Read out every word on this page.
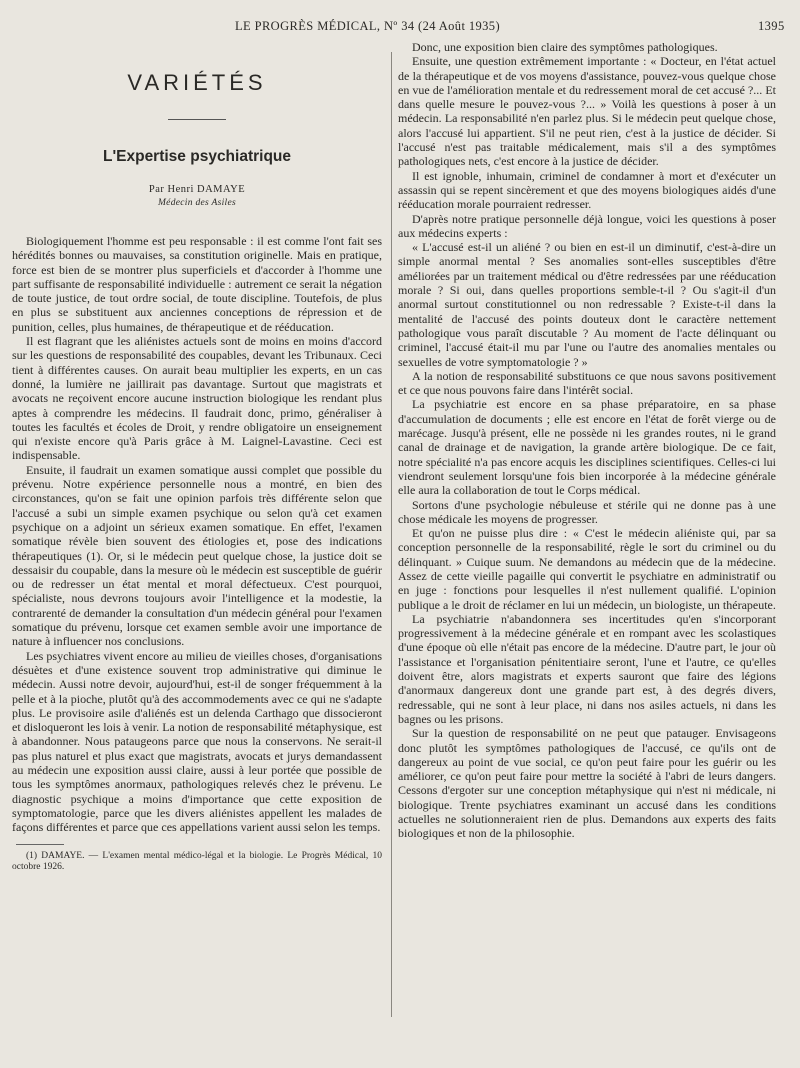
LE PROGRÈS MÉDICAL, Nº 34 (24 Août 1935)	1395
VARIÉTÉS
L'Expertise psychiatrique
Par Henri DAMAYE
Médecin des Asiles

Biologiquement l'homme est peu responsable : il est comme l'ont fait ses hérédités bonnes ou mauvaises, sa constitution originelle. Mais en pratique, force est bien de se montrer plus superficiels et d'accorder à l'homme une part suffisante de responsabilité individuelle : autrement ce serait la négation de toute justice, de tout ordre social, de toute discipline. Toutefois, de plus en plus se substituent aux anciennes conceptions de répression et de punition, celles, plus humaines, de thérapeutique et de rééducation.

Il est flagrant que les aliénistes actuels sont de moins en moins d'accord sur les questions de responsabilité des coupables, devant les Tribunaux. Ceci tient à différentes causes. On aurait beau multiplier les experts, en un cas donné, la lumière ne jaillirait pas davantage. Surtout que magistrats et avocats ne reçoivent encore aucune instruction biologique les rendant plus aptes à comprendre les médecins. Il faudrait donc, primo, généraliser à toutes les facultés et écoles de Droit, y rendre obligatoire un enseignement qui n'existe encore qu'à Paris grâce à M. Laignel-Lavastine. Ceci est indispensable.

Ensuite, il faudrait un examen somatique aussi complet que possible du prévenu. Notre expérience personnelle nous a montré, en bien des circonstances, qu'on se fait une opinion parfois très différente selon que l'accusé a subi un simple examen psychique ou selon qu'à cet examen psychique on a adjoint un sérieux examen somatique. En effet, l'examen somatique révèle bien souvent des étiologies et, pose des indications thérapeutiques (1). Or, si le médecin peut quelque chose, la justice doit se dessaisir du coupable, dans la mesure où le médecin est susceptible de guérir ou de redresser un état mental et moral défectueux. C'est pourquoi, spécialiste, nous devrons toujours avoir l'intelligence et la modestie, la contrarenté de demander la consultation d'un médecin général pour l'examen somatique du prévenu, lorsque cet examen semble avoir une importance de nature à influencer nos conclusions.

Les psychiatres vivent encore au milieu de vieilles choses, d'organisations désuètes et d'une existence souvent trop administrative qui diminue le médecin. Aussi notre devoir, aujourd'hui, est-il de songer fréquemment à la pelle et à la pioche, plutôt qu'à des accommodements avec ce qui ne s'adapte plus. Le provisoire asile d'aliénés est un delenda Carthago que dissocieront et disloqueront les lois à venir. La notion de responsabilité métaphysique, est à abandonner. Nous pataugeons parce que nous la conservons. Ne serait-il pas plus naturel et plus exact que magistrats, avocats et jurys demandassent au médecin une exposition aussi claire, aussi à leur portée que possible de tous les symptômes anormaux, pathologiques relevés chez le prévenu. Le diagnostic psychique a moins d'importance que cette exposition de symptomatologie, parce que les divers aliénistes appellent les malades de façons différentes et parce que ces appellations varient aussi selon les temps.

(1) DAMAYE. — L'examen mental médico-légal et la biologie. Le Progrès Médical, 10 octobre 1926.

Donc, une exposition bien claire des symptômes pathologiques.

Ensuite, une question extrêmement importante : « Docteur, en l'état actuel de la thérapeutique et de vos moyens d'assistance, pouvez-vous quelque chose en vue de l'amélioration mentale et du redressement moral de cet accusé ?... Et dans quelle mesure le pouvez-vous ?... » Voilà les questions à poser à un médecin. La responsabilité n'en parlez plus. Si le médecin peut quelque chose, alors l'accusé lui appartient. S'il ne peut rien, c'est à la justice de décider. Si l'accusé n'est pas traitable médicalement, mais s'il a des symptômes pathologiques nets, c'est encore à la justice de décider.

Il est ignoble, inhumain, criminel de condamner à mort et d'exécuter un assassin qui se repent sincèrement et que des moyens biologiques aidés d'une rééducation morale pourraient redresser.

D'après notre pratique personnelle déjà longue, voici les questions à poser aux médecins experts :

« L'accusé est-il un aliéné ? ou bien en est-il un diminutif, c'est-à-dire un simple anormal mental ? Ses anomalies sont-elles susceptibles d'être améliorées par un traitement médical ou d'être redressées par une rééducation morale ? Si oui, dans quelles proportions semble-t-il ? Ou s'agit-il d'un anormal surtout constitutionnel ou non redressable ? Existe-t-il dans la mentalité de l'accusé des points douteux dont le caractère nettement pathologique vous paraît discutable ? Au moment de l'acte délinquant ou criminel, l'accusé était-il mu par l'une ou l'autre des anomalies mentales ou sexuelles de votre symptomatologie ? »

A la notion de responsabilité substituons ce que nous savons positivement et ce que nous pouvons faire dans l'intérêt social.

La psychiatrie est encore en sa phase préparatoire, en sa phase d'accumulation de documents ; elle est encore en l'état de forêt vierge ou de marécage. Jusqu'à présent, elle ne possède ni les grandes routes, ni le grand canal de drainage et de navigation, la grande artère biologique. De ce fait, notre spécialité n'a pas encore acquis les disciplines scientifiques. Celles-ci lui viendront seulement lorsqu'une fois bien incorporée à la médecine générale elle aura la collaboration de tout le Corps médical.

Sortons d'une psychologie nébuleuse et stérile qui ne donne pas à une chose médicale les moyens de progresser.

Et qu'on ne puisse plus dire : « C'est le médecin aliéniste qui, par sa conception personnelle de la responsabilité, règle le sort du criminel ou du délinquant. » Cuique suum. Ne demandons au médecin que de la médecine. Assez de cette vieille pagaille qui convertit le psychiatre en administratif ou en juge : fonctions pour lesquelles il n'est nullement qualifié. L'opinion publique a le droit de réclamer en lui un médecin, un biologiste, un thérapeute.

La psychiatrie n'abandonnera ses incertitudes qu'en s'incorporant progressivement à la médecine générale et en rompant avec les scolastiques d'une époque où elle n'était pas encore de la médecine. D'autre part, le jour où l'assistance et l'organisation pénitentiaire seront, l'une et l'autre, ce qu'elles doivent être, alors magistrats et experts sauront que faire des légions d'anormaux dangereux dont une grande part est, à des degrés divers, redressable, qui ne sont à leur place, ni dans nos asiles actuels, ni dans les bagnes ou les prisons.

Sur la question de responsabilité on ne peut que patauger. Envisageons donc plutôt les symptômes pathologiques de l'accusé, ce qu'ils ont de dangereux au point de vue social, ce qu'on peut faire pour les guérir ou les améliorer, ce qu'on peut faire pour mettre la société à l'abri de leurs dangers. Cessons d'ergoter sur une conception métaphysique qui n'est ni médicale, ni biologique. Trente psychiatres examinant un accusé dans les conditions actuelles ne solutionneraient rien de plus. Demandons aux experts des faits biologiques et non de la philosophie.
